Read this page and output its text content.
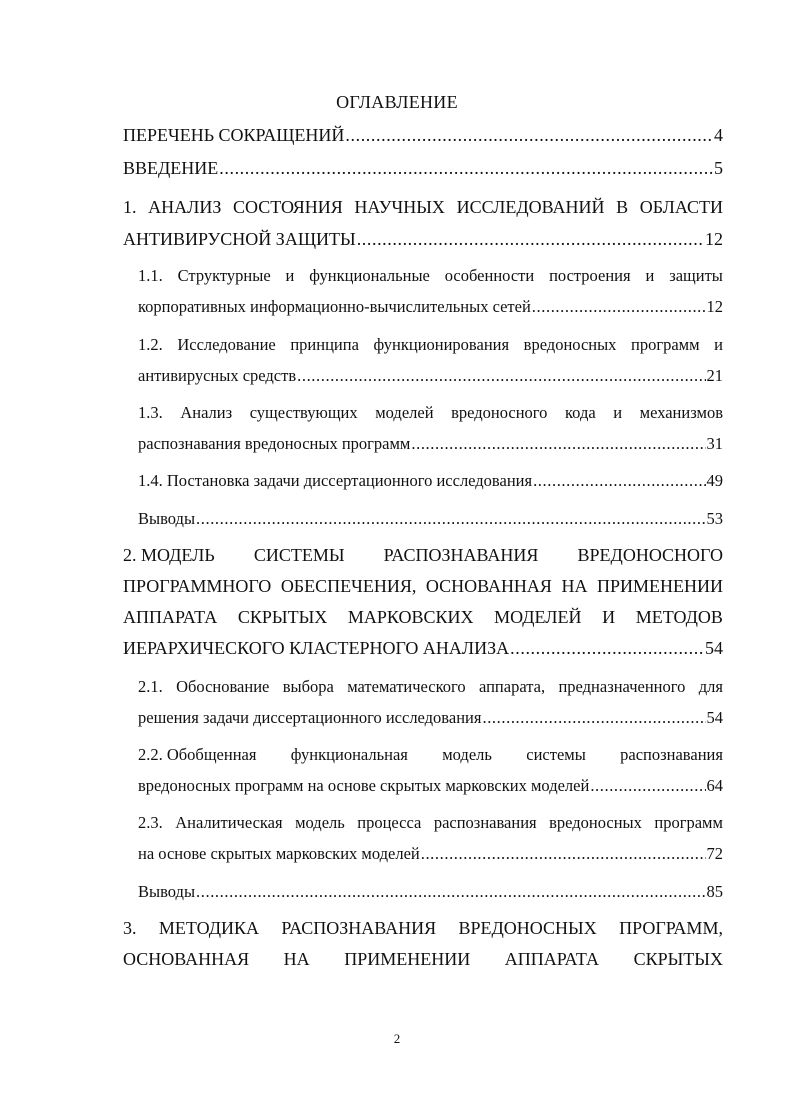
ОГЛАВЛЕНИЕ
ПЕРЕЧЕНЬ СОКРАЩЕНИЙ .....	4
ВВЕДЕНИЕ .....	5
1. АНАЛИЗ СОСТОЯНИЯ НАУЧНЫХ ИССЛЕДОВАНИЙ В ОБЛАСТИ
АНТИВИРУСНОЙ ЗАЩИТЫ .....	12
1.1. Структурные и функциональные особенности построения и защиты
корпоративных информационно-вычислительных сетей .....	12
1.2. Исследование принципа функционирования вредоносных программ и
антивирусных средств .....	21
1.3. Анализ существующих моделей вредоносного кода и механизмов
распознавания вредоносных программ .....	31
1.4. Постановка задачи диссертационного исследования .....	49
Выводы .....	53
2. МОДЕЛЬ СИСТЕМЫ РАСПОЗНАВАНИЯ ВРЕДОНОСНОГО
ПРОГРАММНОГО ОБЕСПЕЧЕНИЯ, ОСНОВАННАЯ НА ПРИМЕНЕНИИ
АППАРАТА СКРЫТЫХ МАРКОВСКИХ МОДЕЛЕЙ И МЕТОДОВ
ИЕРАРХИЧЕСКОГО КЛАСТЕРНОГО АНАЛИЗА .....	54
2.1. Обоснование выбора математического аппарата, предназначенного для
решения задачи диссертационного исследования .....	54
2.2. Обобщенная функциональная модель системы распознавания
вредоносных программ на основе скрытых марковских моделей .....	64
2.3. Аналитическая модель процесса распознавания вредоносных программ
на основе скрытых марковских моделей .....	72
Выводы .....	85
3. МЕТОДИКА РАСПОЗНАВАНИЯ ВРЕДОНОСНЫХ ПРОГРАММ,
ОСНОВАННАЯ НА ПРИМЕНЕНИИ АППАРАТА СКРЫТЫХ
2
